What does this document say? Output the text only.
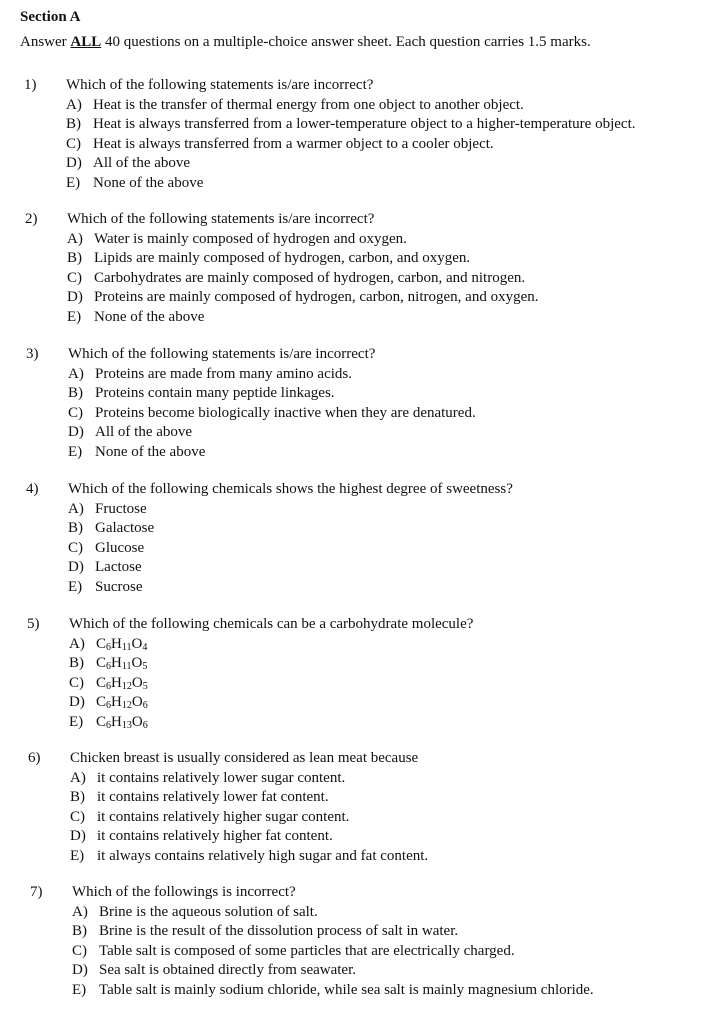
Section A
Answer ALL 40 questions on a multiple-choice answer sheet. Each question carries 1.5 marks.
1) Which of the following statements is/are incorrect?
A) Heat is the transfer of thermal energy from one object to another object.
B) Heat is always transferred from a lower-temperature object to a higher-temperature object.
C) Heat is always transferred from a warmer object to a cooler object.
D) All of the above
E) None of the above
2) Which of the following statements is/are incorrect?
A) Water is mainly composed of hydrogen and oxygen.
B) Lipids are mainly composed of hydrogen, carbon, and oxygen.
C) Carbohydrates are mainly composed of hydrogen, carbon, and nitrogen.
D) Proteins are mainly composed of hydrogen, carbon, nitrogen, and oxygen.
E) None of the above
3) Which of the following statements is/are incorrect?
A) Proteins are made from many amino acids.
B) Proteins contain many peptide linkages.
C) Proteins become biologically inactive when they are denatured.
D) All of the above
E) None of the above
4) Which of the following chemicals shows the highest degree of sweetness?
A) Fructose
B) Galactose
C) Glucose
D) Lactose
E) Sucrose
5) Which of the following chemicals can be a carbohydrate molecule?
A) $C_6H_{11}O_4$
B) $C_6H_{11}O_5$
C) $C_6H_{12}O_5$
D) $C_6H_{12}O_6$
E) $C_6H_{13}O_6$
6) Chicken breast is usually considered as lean meat because
A) it contains relatively lower sugar content.
B) it contains relatively lower fat content.
C) it contains relatively higher sugar content.
D) it contains relatively higher fat content.
E) it always contains relatively high sugar and fat content.
7) Which of the followings is incorrect?
A) Brine is the aqueous solution of salt.
B) Brine is the result of the dissolution process of salt in water.
C) Table salt is composed of some particles that are electrically charged.
D) Sea salt is obtained directly from seawater.
E) Table salt is mainly sodium chloride, while sea salt is mainly magnesium chloride.
